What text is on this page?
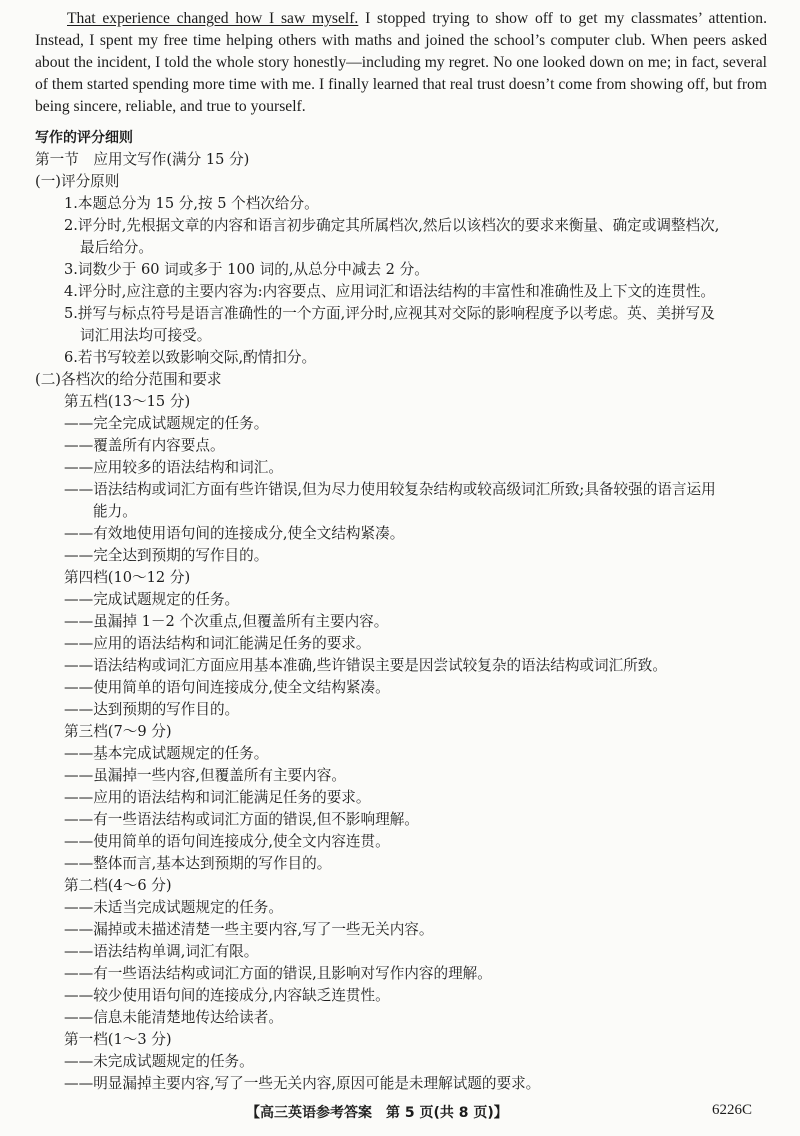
That experience changed how I saw myself. I stopped trying to show off to get my classmates’ attention. Instead, I spent my free time helping others with maths and joined the school’s computer club. When peers asked about the incident, I told the whole story honestly—including my regret. No one looked down on me; in fact, several of them started spending more time with me. I finally learned that real trust doesn’t come from showing off, but from being sincere, reliable, and true to yourself.

写作的评分细则
第一节　应用文写作(满分 15 分)
(一)评分原则
1.本题总分为 15 分,按 5 个档次给分。
2.评分时,先根据文章的内容和语言初步确定其所属档次,然后以该档次的要求来衡量、确定或调整档次,
最后给分。
3.词数少于 60 词或多于 100 词的,从总分中减去 2 分。
4.评分时,应注意的主要内容为:内容要点、应用词汇和语法结构的丰富性和准确性及上下文的连贯性。
5.拼写与标点符号是语言准确性的一个方面,评分时,应视其对交际的影响程度予以考虑。英、美拼写及
词汇用法均可接受。
6.若书写较差以致影响交际,酌情扣分。
(二)各档次的给分范围和要求
第五档(13～15 分)
——完全完成试题规定的任务。
——覆盖所有内容要点。
——应用较多的语法结构和词汇。
——语法结构或词汇方面有些许错误,但为尽力使用较复杂结构或较高级词汇所致;具备较强的语言运用
能力。
——有效地使用语句间的连接成分,使全文结构紧凑。
——完全达到预期的写作目的。
第四档(10～12 分)
——完成试题规定的任务。
——虽漏掉 1－2 个次重点,但覆盖所有主要内容。
——应用的语法结构和词汇能满足任务的要求。
——语法结构或词汇方面应用基本准确,些许错误主要是因尝试较复杂的语法结构或词汇所致。
——使用简单的语句间连接成分,使全文结构紧凑。
——达到预期的写作目的。
第三档(7～9 分)
——基本完成试题规定的任务。
——虽漏掉一些内容,但覆盖所有主要内容。
——应用的语法结构和词汇能满足任务的要求。
——有一些语法结构或词汇方面的错误,但不影响理解。
——使用简单的语句间连接成分,使全文内容连贯。
——整体而言,基本达到预期的写作目的。
第二档(4～6 分)
——未适当完成试题规定的任务。
——漏掉或未描述清楚一些主要内容,写了一些无关内容。
——语法结构单调,词汇有限。
——有一些语法结构或词汇方面的错误,且影响对写作内容的理解。
——较少使用语句间的连接成分,内容缺乏连贯性。
——信息未能清楚地传达给读者。
第一档(1～3 分)
——未完成试题规定的任务。
——明显漏掉主要内容,写了一些无关内容,原因可能是未理解试题的要求。
【高三英语参考答案　第 5 页(共 8 页)】	6226C
